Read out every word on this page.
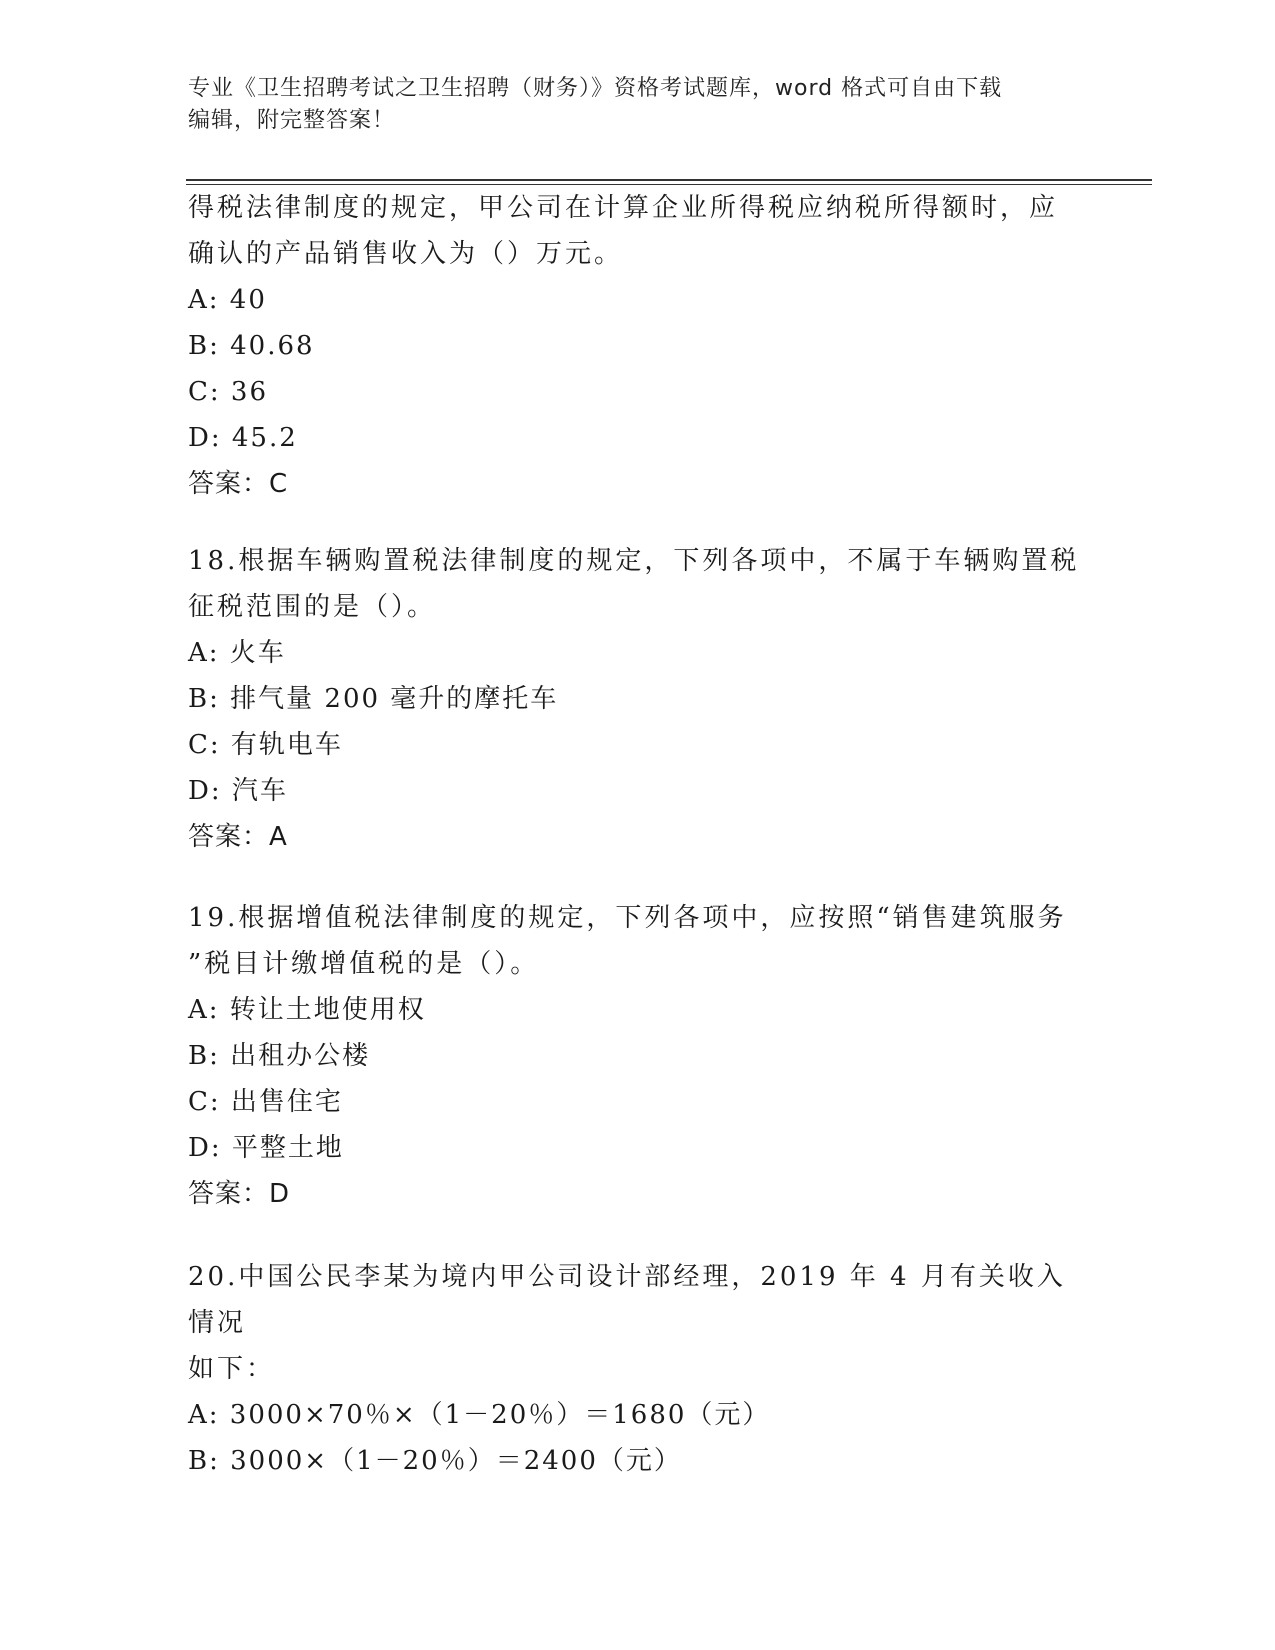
专业《卫生招聘考试之卫生招聘（财务）》资格考试题库，word 格式可自由下载
编辑，附完整答案！

得税法律制度的规定，甲公司在计算企业所得税应纳税所得额时，应

确认的产品销售收入为（）万元。

A: 40

B: 40.68

C: 36

D: 45.2

答案：C

18.根据车辆购置税法律制度的规定，下列各项中，不属于车辆购置税

征税范围的是（）。

A: 火车

B: 排气量 200 毫升的摩托车

C: 有轨电车

D: 汽车

答案：A

19.根据增值税法律制度的规定，下列各项中，应按照“销售建筑服务

”税目计缴增值税的是（）。

A: 转让土地使用权

B: 出租办公楼

C: 出售住宅

D: 平整土地

答案：D

20.中国公民李某为境内甲公司设计部经理，2019 年 4 月有关收入情况

如下：

A: 3000×70％×（1－20％）＝1680（元）

B: 3000×（1－20％）＝2400（元）
